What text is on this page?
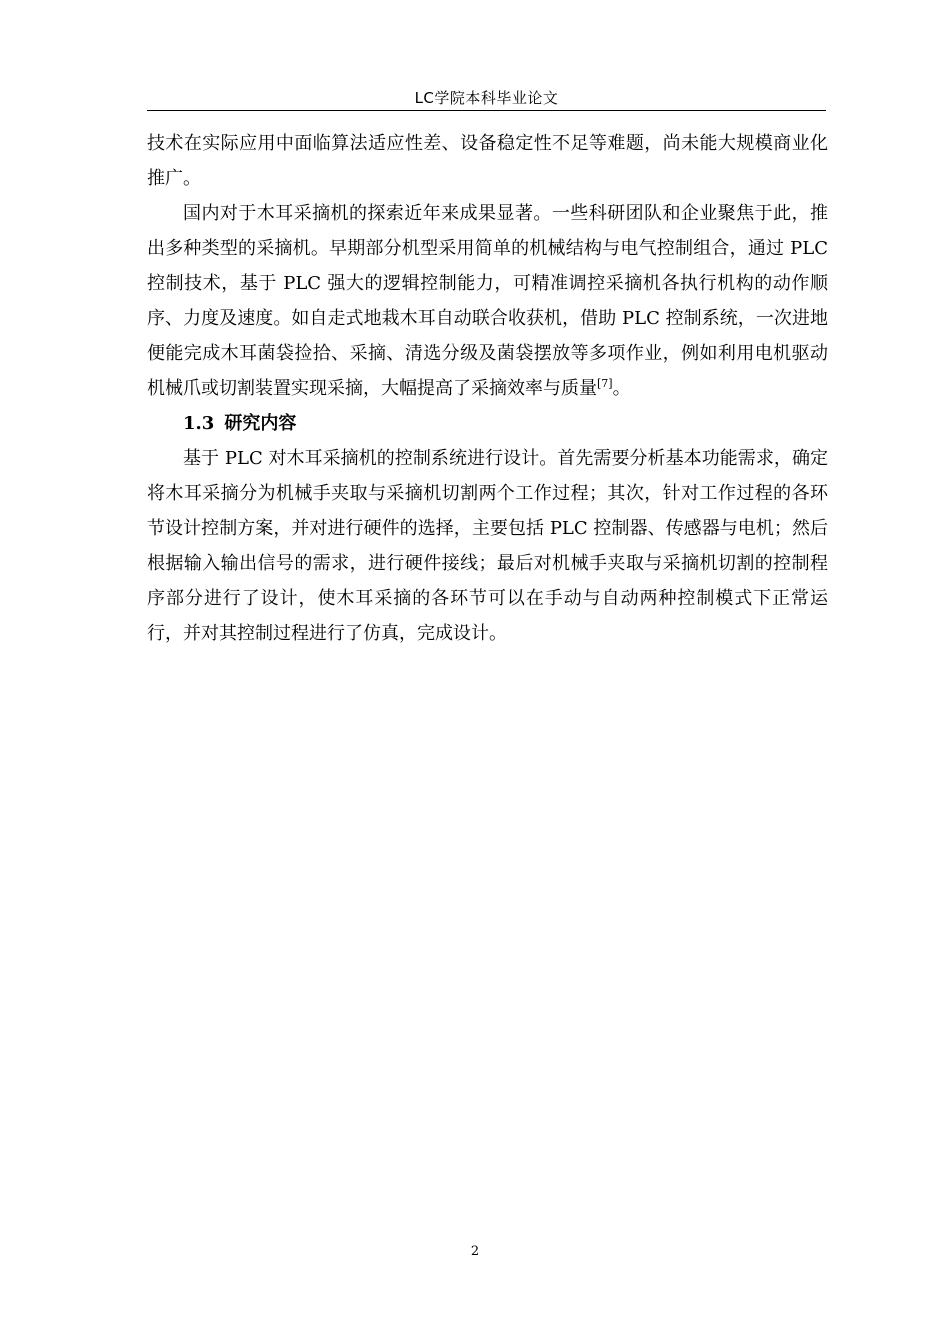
LC学院本科毕业论文

技术在实际应用中面临算法适应性差、设备稳定性不足等难题，尚未能大规模商业化推广。

国内对于木耳采摘机的探索近年来成果显著。一些科研团队和企业聚焦于此，推出多种类型的采摘机。早期部分机型采用简单的机械结构与电气控制组合，通过 PLC 控制技术，基于 PLC 强大的逻辑控制能力，可精准调控采摘机各执行机构的动作顺序、力度及速度。如自走式地栽木耳自动联合收获机，借助 PLC 控制系统，一次进地便能完成木耳菌袋捡拾、采摘、清选分级及菌袋摆放等多项作业，例如利用电机驱动机械爪或切割装置实现采摘，大幅提高了采摘效率与质量[7]。

1.3 研究内容

基于 PLC 对木耳采摘机的控制系统进行设计。首先需要分析基本功能需求，确定将木耳采摘分为机械手夹取与采摘机切割两个工作过程；其次，针对工作过程的各环节设计控制方案，并对进行硬件的选择，主要包括 PLC 控制器、传感器与电机；然后根据输入输出信号的需求，进行硬件接线；最后对机械手夹取与采摘机切割的控制程序部分进行了设计，使木耳采摘的各环节可以在手动与自动两种控制模式下正常运行，并对其控制过程进行了仿真，完成设计。

2
